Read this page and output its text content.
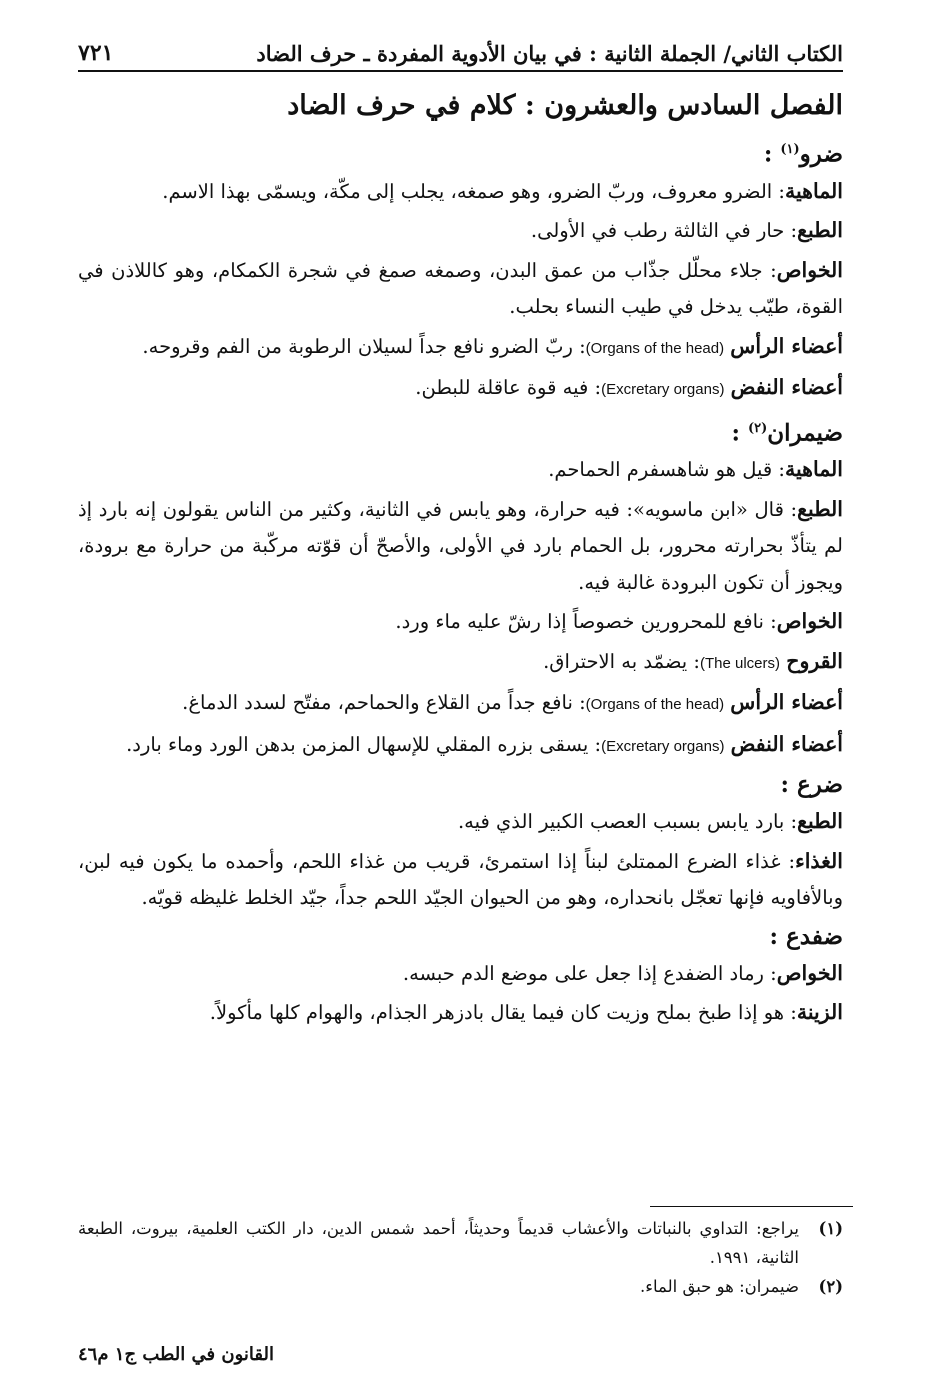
الكتاب الثاني/ الجملة الثانية : في بيان الأدوية المفردة ـ حرف الضاد
٧٢١
الفصل السادس والعشرون : كلام في حرف الضاد
ضرو$^{(١)}$ :

الماهية: الضرو معروف، وربّ الضرو، وهو صمغه، يجلب إلى مكّة، ويسمّى بهذا الاسم.

الطبع: حار في الثالثة رطب في الأولى.

الخواص: جلاء محلّل جذّاب من عمق البدن، وصمغه صمغ في شجرة الكمكام، وهو كاللاذن في القوة، طيّب يدخل في طيب النساء بحلب.

أعضاء الرأس (Organs of the head): ربّ الضرو نافع جداً لسيلان الرطوبة من الفم وقروحه.

أعضاء النفض (Excretary organs): فيه قوة عاقلة للبطن.

ضيمران$^{(٢)}$ :

الماهية: قيل هو شاهسفرم الحماحم.

الطبع: قال «ابن ماسويه»: فيه حرارة، وهو يابس في الثانية، وكثير من الناس يقولون إنه بارد إذ لم يتأذّ بحرارته محرور، بل الحمام بارد في الأولى، والأصحّ أن قوّته مركّبة من حرارة مع برودة، ويجوز أن تكون البرودة غالبة فيه.

الخواص: نافع للمحرورين خصوصاً إذا رشّ عليه ماء ورد.

القروح (The ulcers): يضمّد به الاحتراق.

أعضاء الرأس (Organs of the head): نافع جداً من القلاع والحماحم، مفتّح لسدد الدماغ.

أعضاء النفض (Excretary organs): يسقى بزره المقلي للإسهال المزمن بدهن الورد وماء بارد.

ضرع :

الطبع: بارد يابس بسبب العصب الكبير الذي فيه.

الغذاء: غذاء الضرع الممتلئ لبناً إذا استمرئ، قريب من غذاء اللحم، وأحمده ما يكون فيه لبن، وبالأفاويه فإنها تعجّل بانحداره، وهو من الحيوان الجيّد اللحم جداً، جيّد الخلط غليظه قويّه.

ضفدع :

الخواص: رماد الضفدع إذا جعل على موضع الدم حبسه.

الزينة: هو إذا طبخ بملح وزيت كان فيما يقال بادزهر الجذام، والهوام كلها مأكولاً.

(١)
يراجع: التداوي بالنباتات والأعشاب قديماً وحديثاً، أحمد شمس الدين، دار الكتب العلمية، بيروت، الطبعة الثانية، ١٩٩١.

(٢)
ضيمران: هو حبق الماء.

القانون في الطب ج١ م٤٦
